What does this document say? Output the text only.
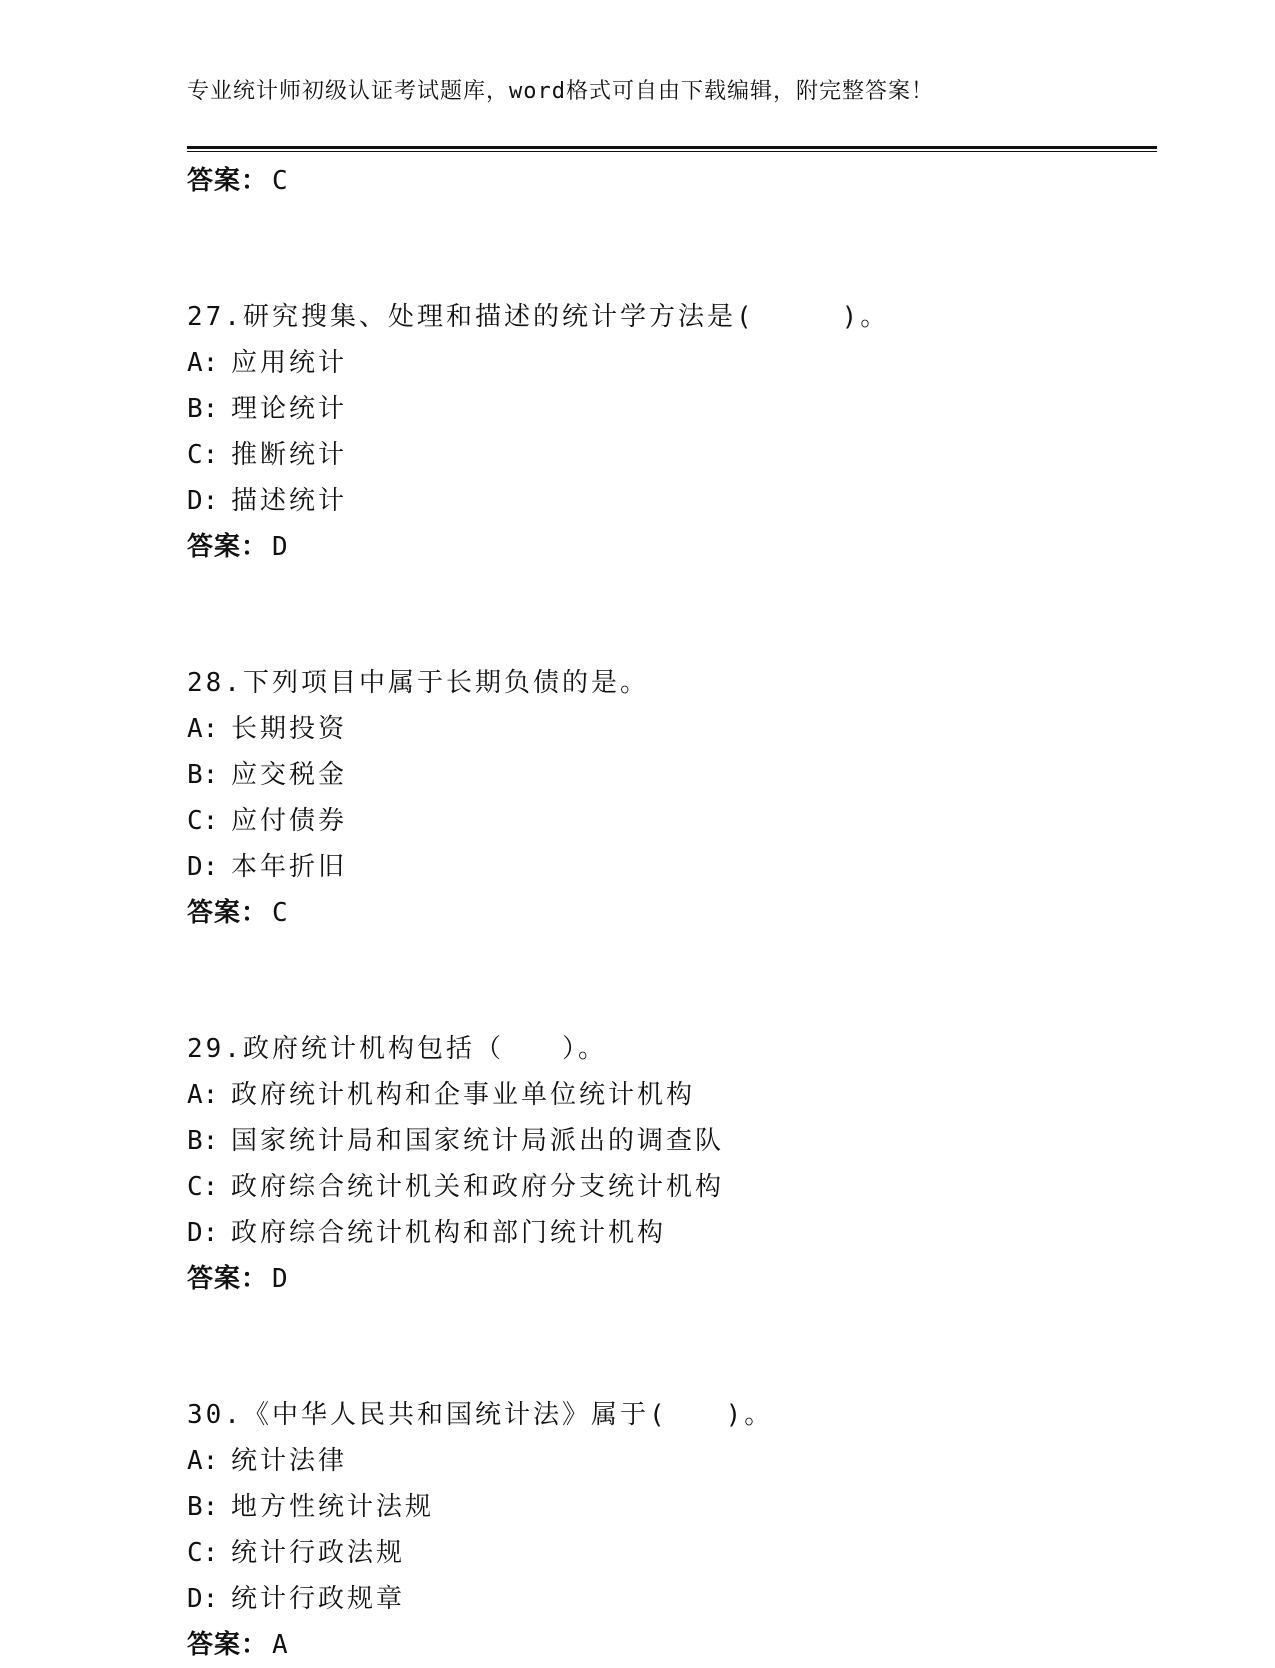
专业统计师初级认证考试题库，word格式可自由下载编辑，附完整答案！
答案： C
27.研究搜集、处理和描述的统计学方法是(　　　)。
A: 应用统计
B: 理论统计
C: 推断统计
D: 描述统计
答案： D
28.下列项目中属于长期负债的是。
A: 长期投资
B: 应交税金
C: 应付债券
D: 本年折旧
答案： C
29.政府统计机构包括（　　）。
A: 政府统计机构和企事业单位统计机构
B: 国家统计局和国家统计局派出的调查队
C: 政府综合统计机关和政府分支统计机构
D: 政府综合统计机构和部门统计机构
答案： D
30.《中华人民共和国统计法》属于(　　)。
A: 统计法律
B: 地方性统计法规
C: 统计行政法规
D: 统计行政规章
答案： A
